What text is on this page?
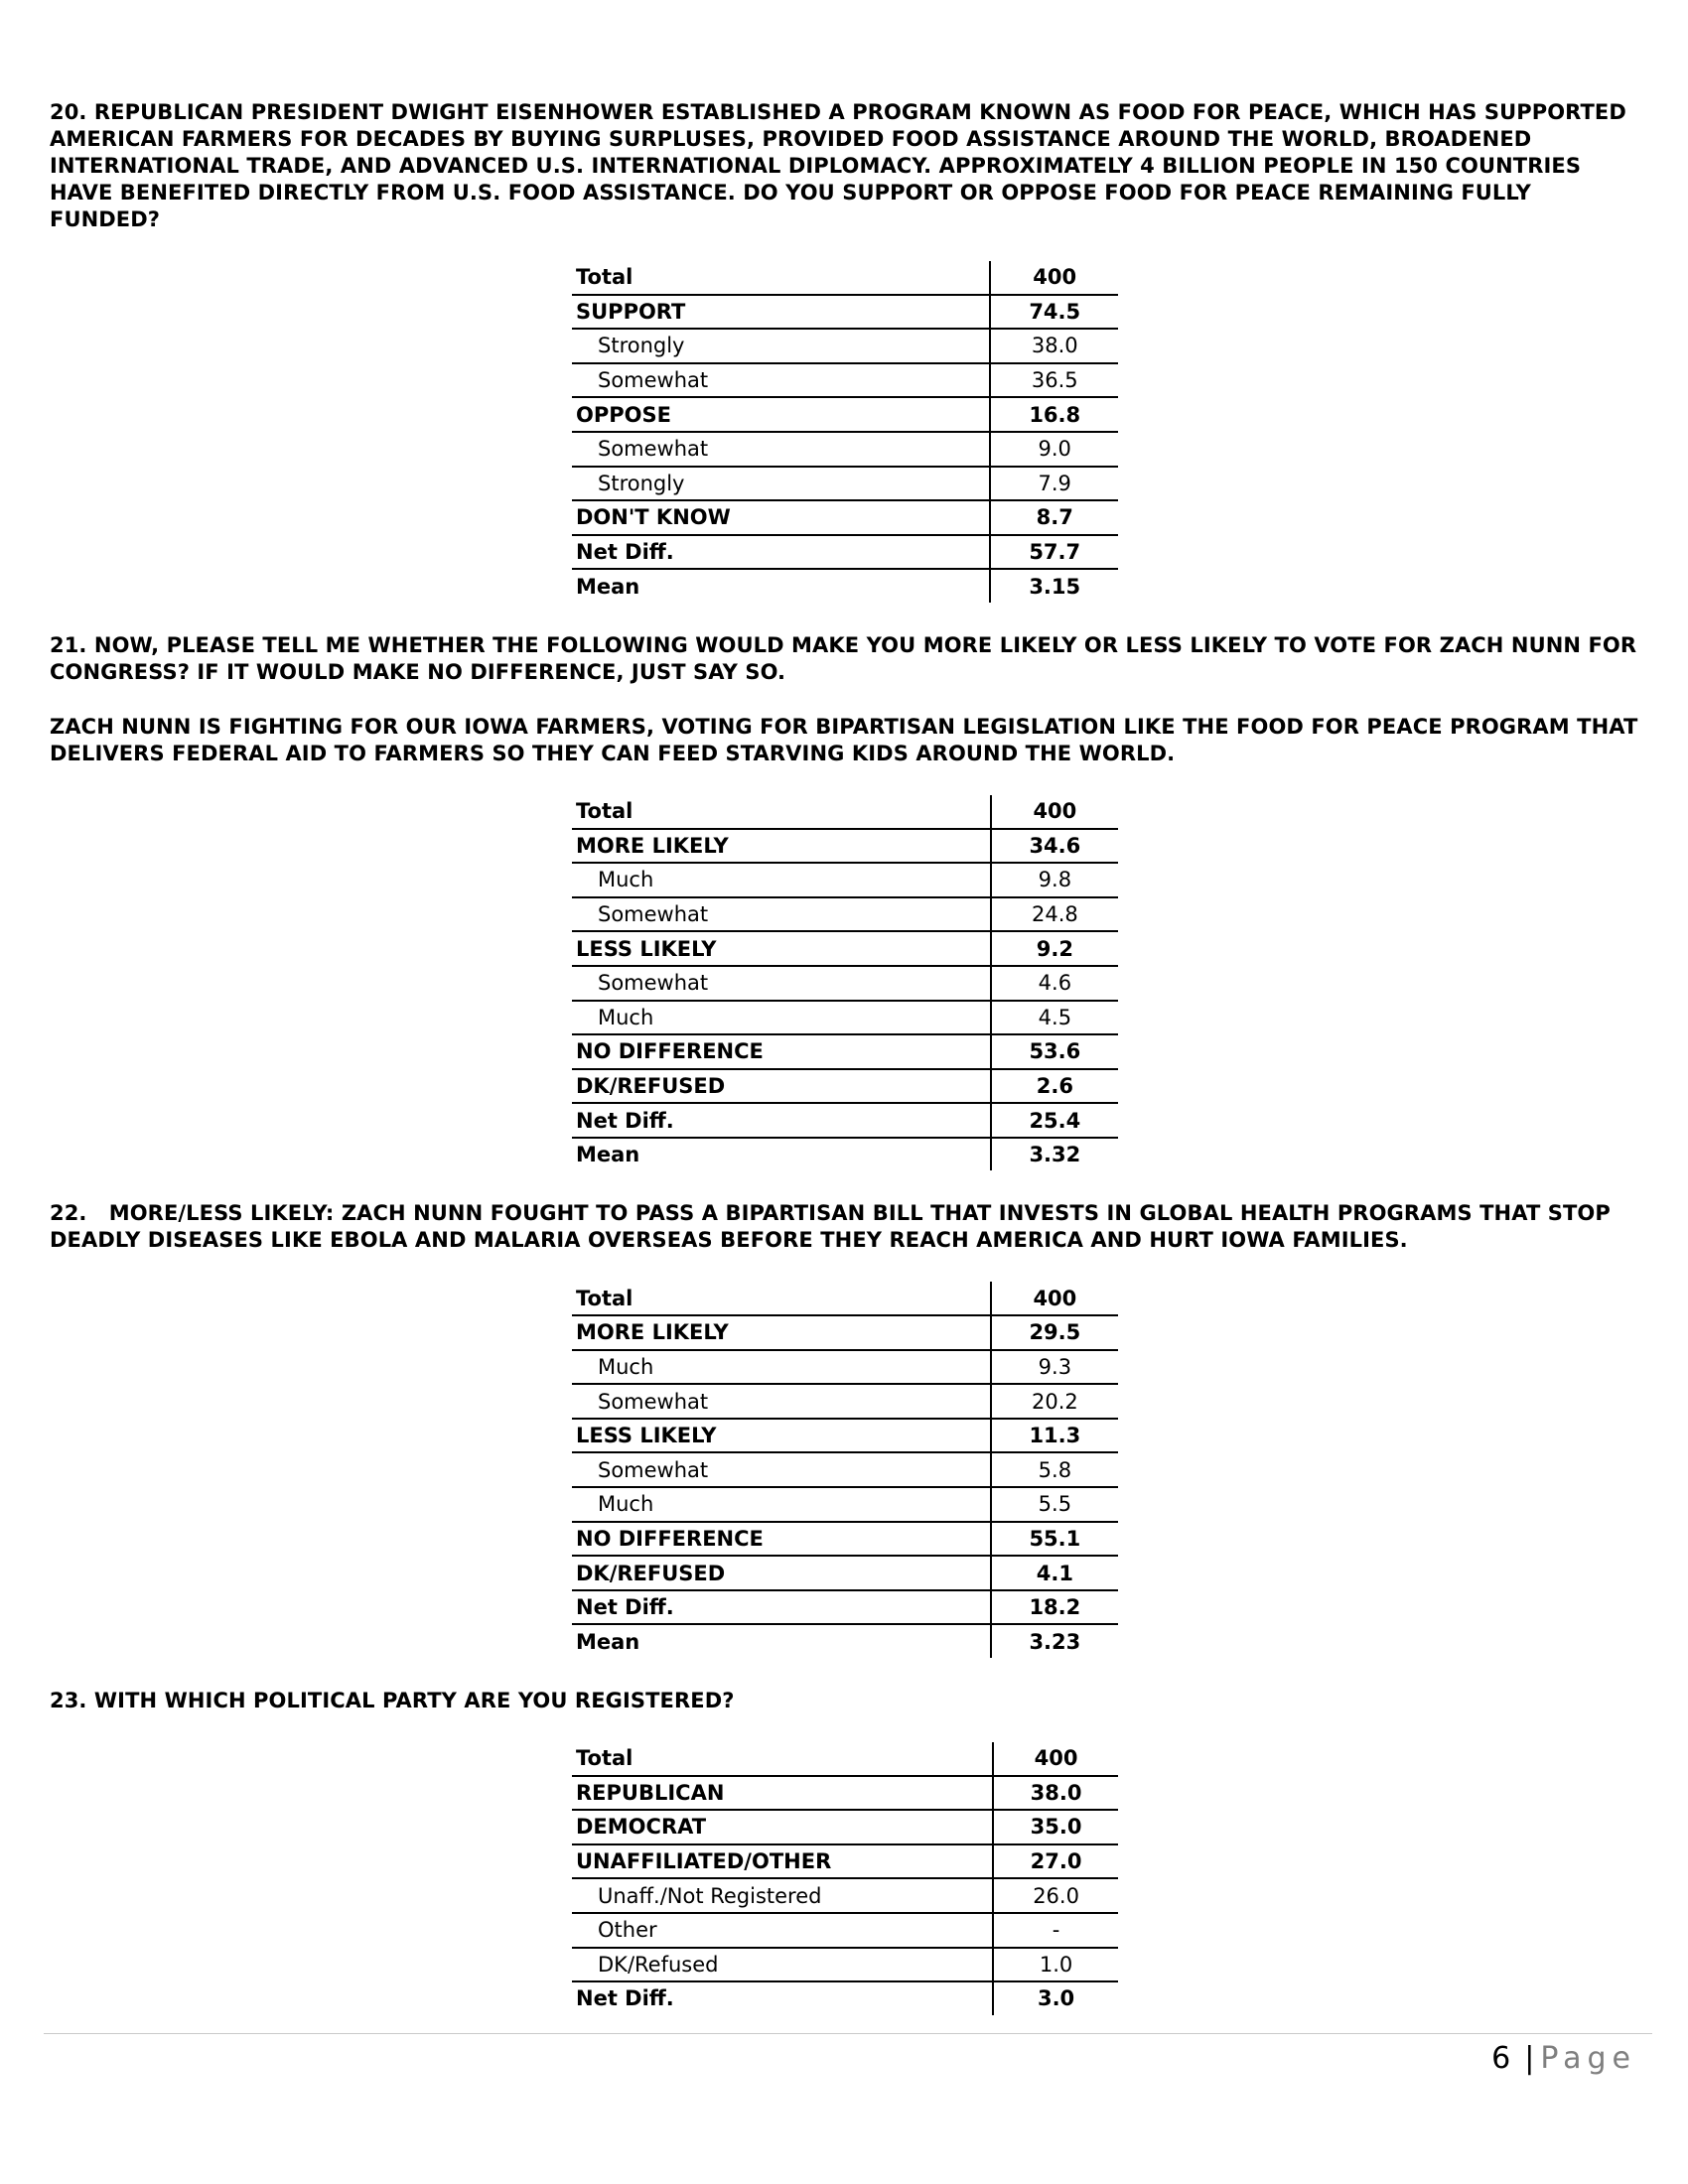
20. REPUBLICAN PRESIDENT DWIGHT EISENHOWER ESTABLISHED A PROGRAM KNOWN AS FOOD FOR PEACE, WHICH HAS SUPPORTED AMERICAN FARMERS FOR DECADES BY BUYING SURPLUSES, PROVIDED FOOD ASSISTANCE AROUND THE WORLD, BROADENED INTERNATIONAL TRADE, AND ADVANCED U.S. INTERNATIONAL DIPLOMACY. APPROXIMATELY 4 BILLION PEOPLE IN 150 COUNTRIES HAVE BENEFITED DIRECTLY FROM U.S. FOOD ASSISTANCE. DO YOU SUPPORT OR OPPOSE FOOD FOR PEACE REMAINING FULLY FUNDED?

Total	400
SUPPORT	74.5
Strongly	38.0
Somewhat	36.5
OPPOSE	16.8
Somewhat	9.0
Strongly	7.9
DON'T KNOW	8.7
Net Diff.	57.7
Mean	3.15

21. NOW, PLEASE TELL ME WHETHER THE FOLLOWING WOULD MAKE YOU MORE LIKELY OR LESS LIKELY TO VOTE FOR ZACH NUNN FOR CONGRESS? IF IT WOULD MAKE NO DIFFERENCE, JUST SAY SO.

ZACH NUNN IS FIGHTING FOR OUR IOWA FARMERS, VOTING FOR BIPARTISAN LEGISLATION LIKE THE FOOD FOR PEACE PROGRAM THAT DELIVERS FEDERAL AID TO FARMERS SO THEY CAN FEED STARVING KIDS AROUND THE WORLD.

Total	400
MORE LIKELY	34.6
Much	9.8
Somewhat	24.8
LESS LIKELY	9.2
Somewhat	4.6
Much	4.5
NO DIFFERENCE	53.6
DK/REFUSED	2.6
Net Diff.	25.4
Mean	3.32

22.   MORE/LESS LIKELY: ZACH NUNN FOUGHT TO PASS A BIPARTISAN BILL THAT INVESTS IN GLOBAL HEALTH PROGRAMS THAT STOP DEADLY DISEASES LIKE EBOLA AND MALARIA OVERSEAS BEFORE THEY REACH AMERICA AND HURT IOWA FAMILIES.

Total	400
MORE LIKELY	29.5
Much	9.3
Somewhat	20.2
LESS LIKELY	11.3
Somewhat	5.8
Much	5.5
NO DIFFERENCE	55.1
DK/REFUSED	4.1
Net Diff.	18.2
Mean	3.23

23. WITH WHICH POLITICAL PARTY ARE YOU REGISTERED?

Total	400
REPUBLICAN	38.0
DEMOCRAT	35.0
UNAFFILIATED/OTHER	27.0
Unaff./Not Registered	26.0
Other	-
DK/Refused	1.0
Net Diff.	3.0
6 | Page
